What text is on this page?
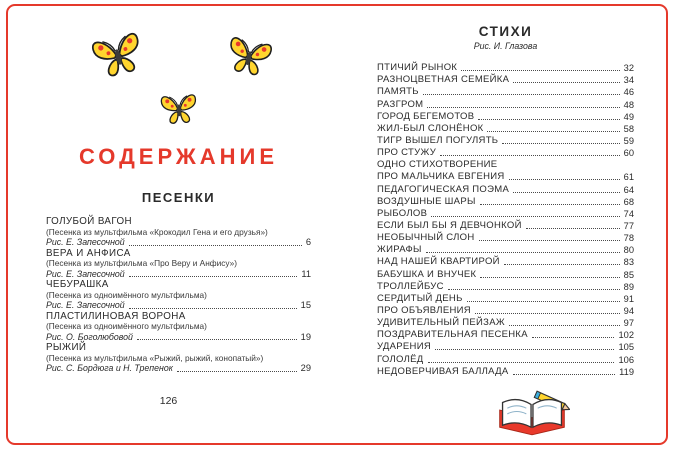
СОДЕРЖАНИЕ
ПЕСЕНКИ
ГОЛУБОЙ ВАГОН
(Песенка из мультфильма «Крокодил Гена и его друзья»)
Рис. Е. Запесочной	6
ВЕРА И АНФИСА
(Песенка из мультфильма «Про Веру и Анфису»)
Рис. Е. Запесочной	11
ЧЕБУРАШКА
(Песенка из одноимённого мультфильма)
Рис. Е. Запесочной	15
ПЛАСТИЛИНОВАЯ ВОРОНА
(Песенка из одноимённого мультфильма)
Рис. О. Боголюбовой	19
РЫЖИЙ
(Песенка из мультфильма «Рыжий, рыжий, конопатый»)
Рис. С. Бордюга и Н. Трепенок	29
126
СТИХИ
Рис. И. Глазова
ПТИЧИЙ РЫНОК	32
РАЗНОЦВЕТНАЯ СЕМЕЙКА	34
ПАМЯТЬ	46
РАЗГРОМ	48
ГОРОД БЕГЕМОТОВ	49
ЖИЛ-БЫЛ СЛОНЁНОК	58
ТИГР ВЫШЕЛ ПОГУЛЯТЬ	59
ПРО СТУЖУ	60
ОДНО СТИХОТВОРЕНИЕ
ПРО МАЛЬЧИКА ЕВГЕНИЯ	61
ПЕДАГОГИЧЕСКАЯ ПОЭМА	64
ВОЗДУШНЫЕ ШАРЫ	68
РЫБОЛОВ	74
ЕСЛИ БЫЛ БЫ Я ДЕВЧОНКОЙ	77
НЕОБЫЧНЫЙ СЛОН	78
ЖИРАФЫ	80
НАД НАШЕЙ КВАРТИРОЙ	83
БАБУШКА И ВНУЧЕК	85
ТРОЛЛЕЙБУС	89
СЕРДИТЫЙ ДЕНЬ	91
ПРО ОБЪЯВЛЕНИЯ	94
УДИВИТЕЛЬНЫЙ ПЕЙЗАЖ	97
ПОЗДРАВИТЕЛЬНАЯ ПЕСЕНКА	102
УДАРЕНИЯ	105
ГОЛОЛЁД	106
НЕДОВЕРЧИВАЯ БАЛЛАДА	119
